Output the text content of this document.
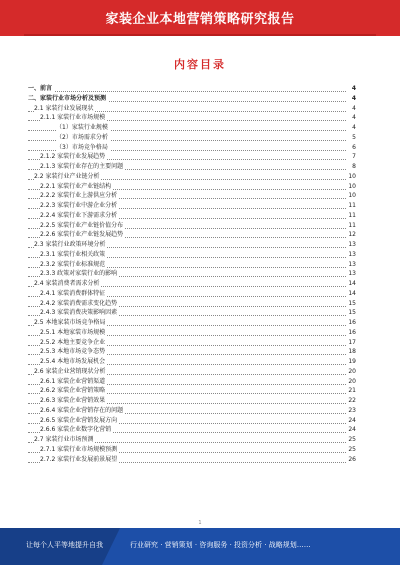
家装企业本地营销策略研究报告
内容目录
一、前言	4
二、家装行业市场分析及预测	4
2.1 家装行业发展现状	4
2.1.1 家装行业市场规模	4
（1）家装行业规模	4
（2）市场需求分析	5
（3）市场竞争格局	6
2.1.2 家装行业发展趋势	7
2.1.3 家装行业存在的主要问题	8
2.2 家装行业产业链分析	10
2.2.1 家装行业产业链结构	10
2.2.2 家装行业上游供应分析	10
2.2.3 家装行业中游企业分析	11
2.2.4 家装行业下游需求分析	11
2.2.5 家装行业产业链价值分布	11
2.2.6 家装行业产业链发展趋势	12
2.3 家装行业政策环境分析	13
2.3.1 家装行业相关政策	13
2.3.2 家装行业标准规范	13
2.3.3 政策对家装行业的影响	13
2.4 家装消费者需求分析	14
2.4.1 家装消费群体特征	14
2.4.2 家装消费需求变化趋势	15
2.4.3 家装消费决策影响因素	15
2.5 本地家装市场竞争格局	16
2.5.1 本地家装市场规模	16
2.5.2 本地主要竞争企业	17
2.5.3 本地市场竞争态势	18
2.5.4 本地市场发展机会	19
2.6 家装企业营销现状分析	20
2.6.1 家装企业营销渠道	20
2.6.2 家装企业营销策略	21
2.6.3 家装企业营销效果	22
2.6.4 家装企业营销存在的问题	23
2.6.5 家装企业营销发展方向	24
2.6.6 家装企业数字化营销	24
2.7 家装行业市场预测	25
2.7.1 家装行业市场规模预测	25
2.7.2 家装行业发展前景展望	26
1
让每个人平等地提升自我	行业研究 · 营销策划 · 咨询服务 · 投资分析 · 战略规划……
